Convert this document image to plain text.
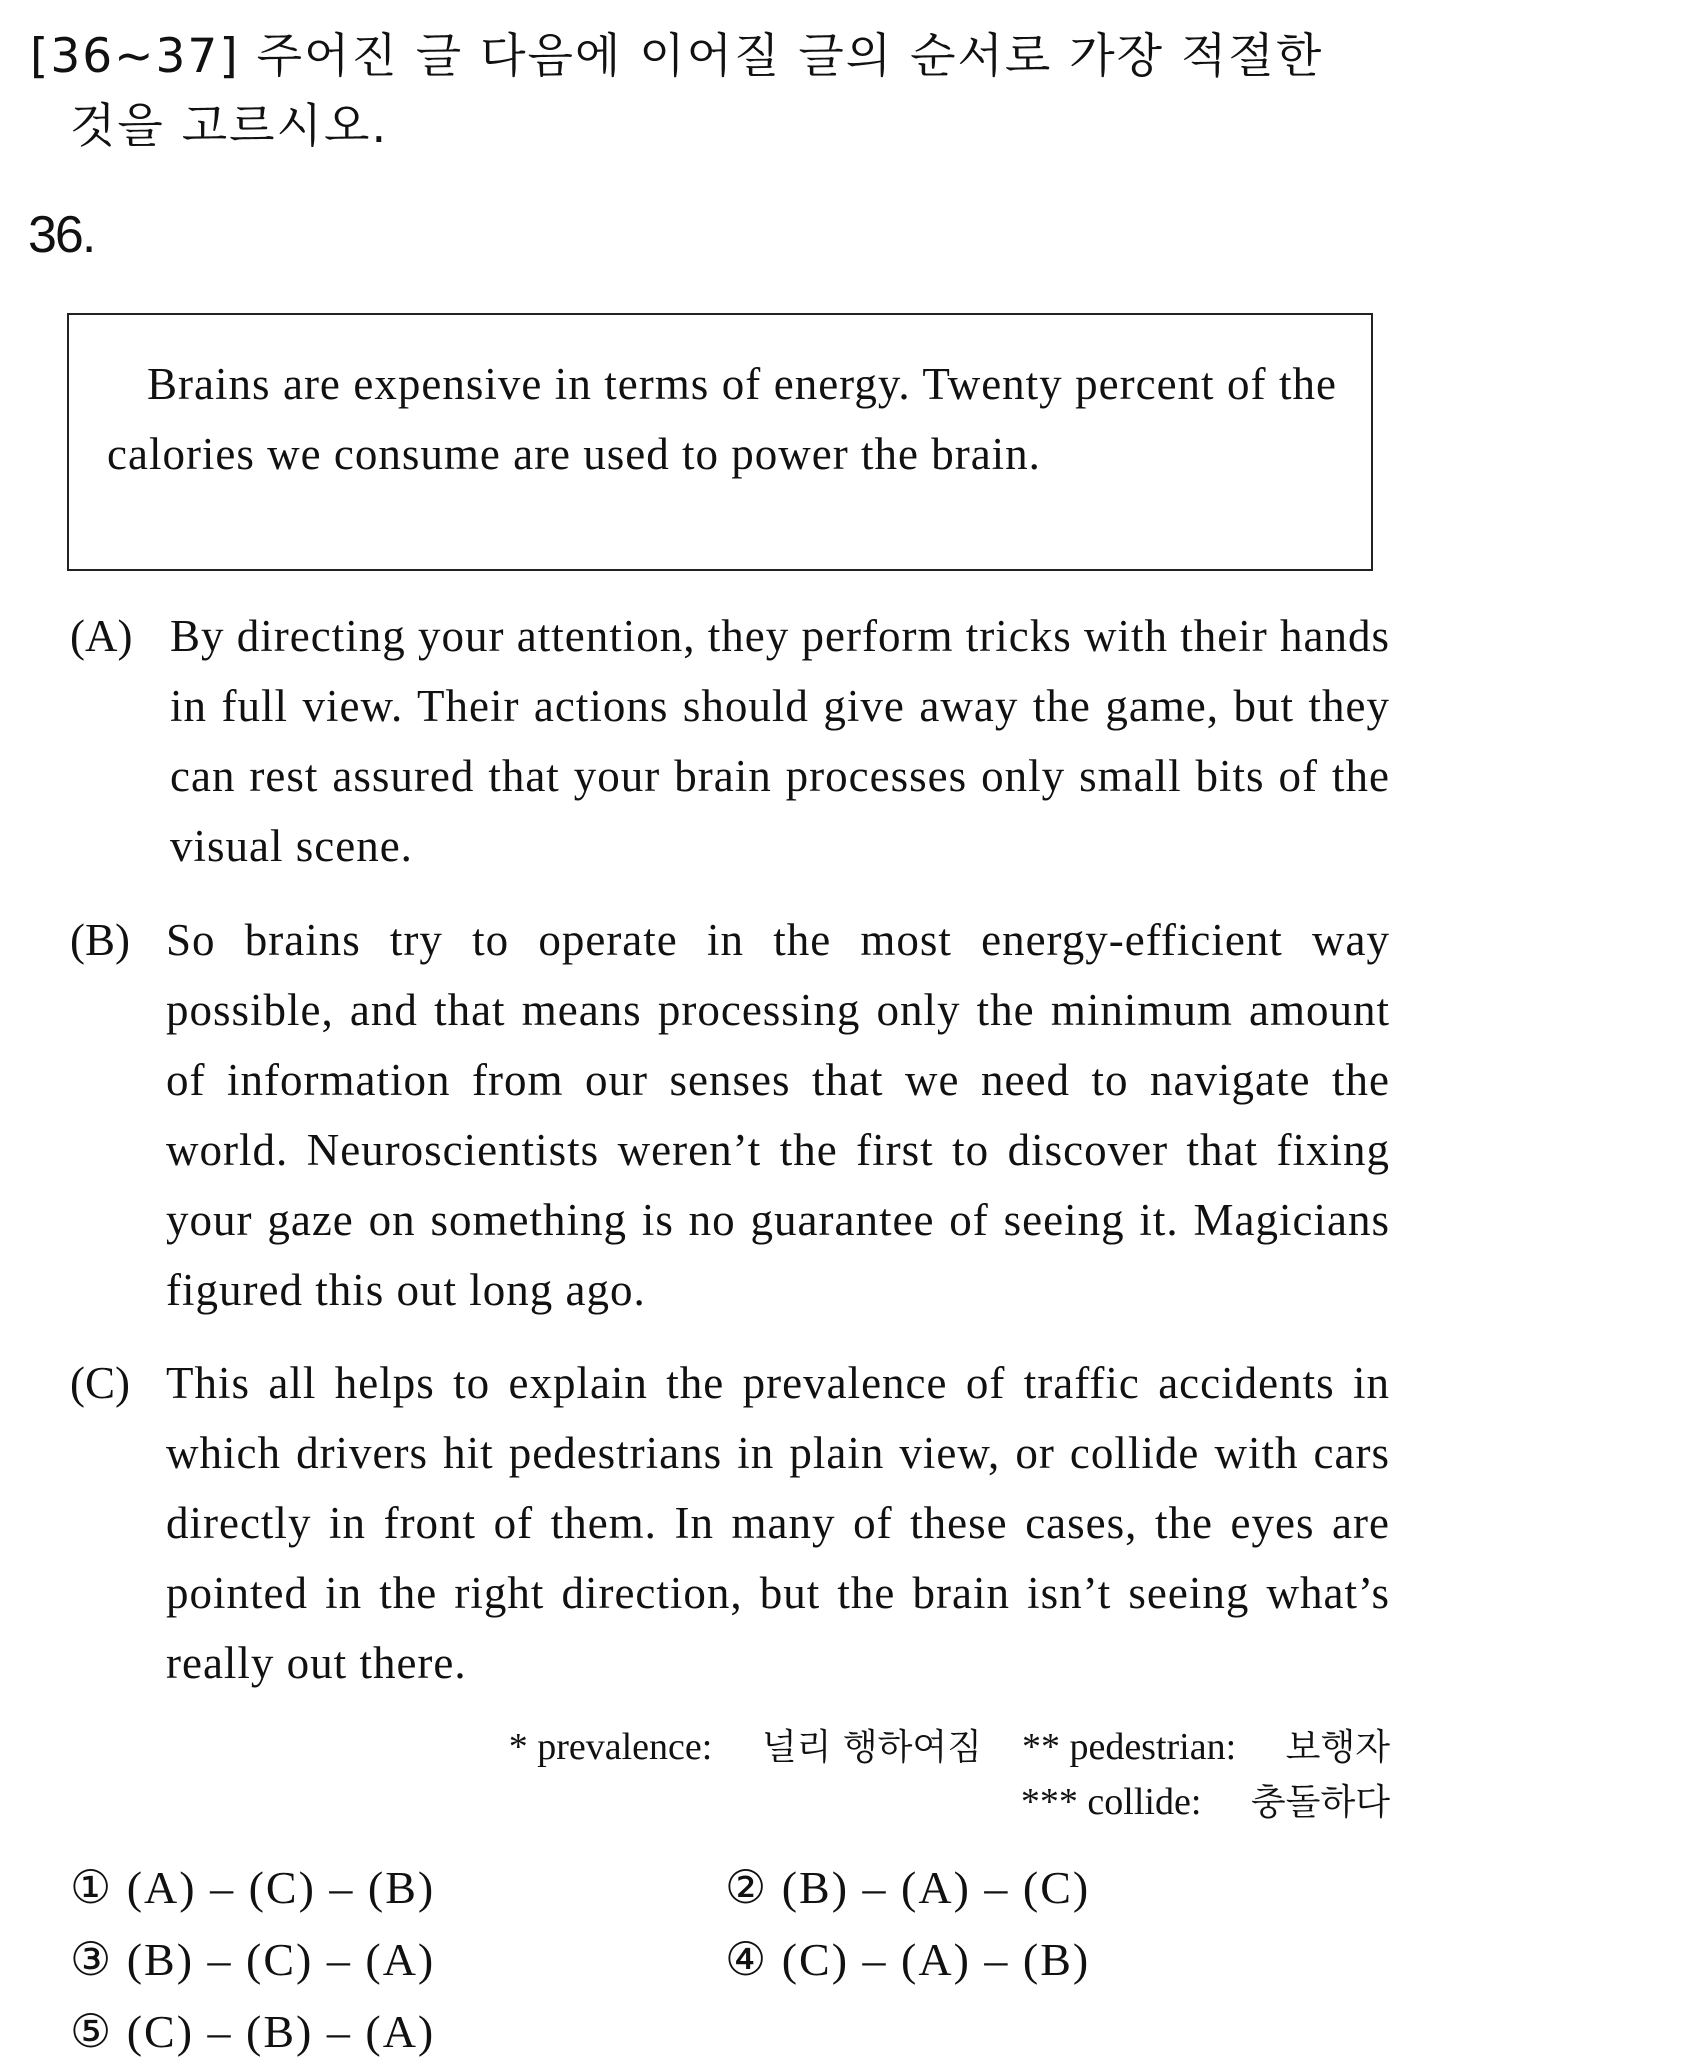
[36~37] 주어진 글 다음에 이어질 글의 순서로 가장 적절한
것을 고르시오.
36.

Brains are expensive in terms of energy. Twenty percent of the calories we consume are used to power the brain.

(A) By directing your attention, they perform tricks with their hands in full view. Their actions should give away the game, but they can rest assured that your brain processes only small bits of the visual scene.
(B) So brains try to operate in the most energy-efficient way possible, and that means processing only the minimum amount of information from our senses that we need to navigate the world. Neuroscientists weren’t the first to discover that fixing your gaze on something is no guarantee of seeing it. Magicians figured this out long ago.
(C) This all helps to explain the prevalence of traffic accidents in which drivers hit pedestrians in plain view, or collide with cars directly in front of them. In many of these cases, the eyes are pointed in the right direction, but the brain isn’t seeing what’s really out there.
* prevalence: 널리 행하여짐 ** pedestrian: 보행자
*** collide: 충돌하다
① (A) – (C) – (B)	② (B) – (A) – (C)
③ (B) – (C) – (A)	④ (C) – (A) – (B)
⑤ (C) – (B) – (A)
